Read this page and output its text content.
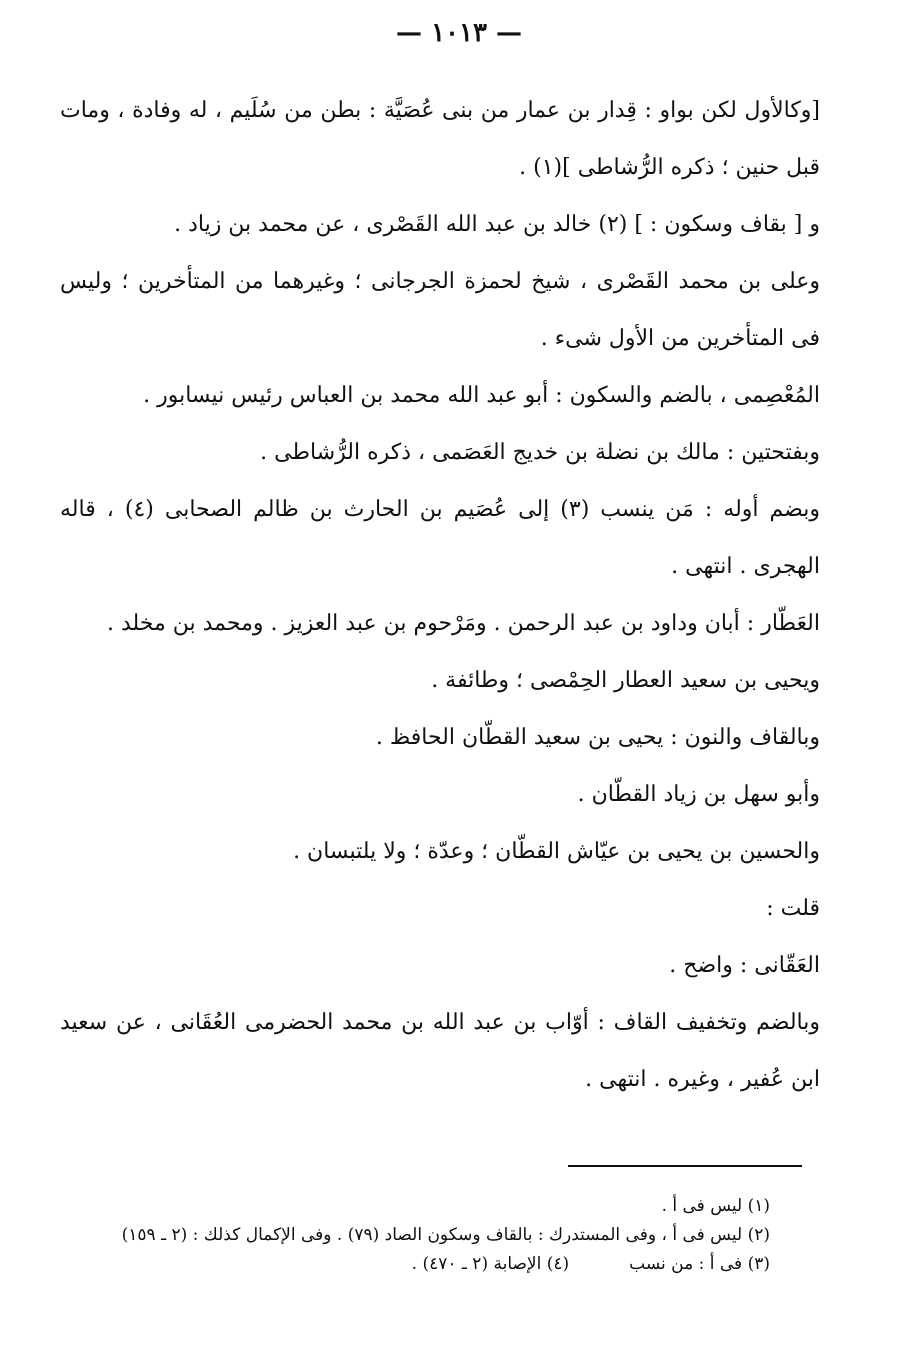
— ١٠١٣ —

[وكالأول لكن بواو : قِدار بن عمار من بنى عُصَيَّة : بطن من سُلَيم ، له وفادة ، ومات قبل حنين ؛ ذكره الرُّشاطى ](١) .

و [ بقاف وسكون : ] (٢) خالد بن عبد الله القَصْرى ، عن محمد بن زياد .

وعلى بن محمد القَصْرى ، شيخ لحمزة الجرجانى ؛ وغيرهما من المتأخرين ؛ وليس فى المتأخرين من الأول شىء .

المُعْصِمى ، بالضم والسكون : أبو عبد الله محمد بن العباس رئيس نيسابور .

وبفتحتين : مالك بن نضلة بن خديج العَصَمى ، ذكره الرُّشاطى .

وبضم أوله : مَن ينسب (٣) إلى عُصَيم بن الحارث بن ظالم الصحابى (٤) ، قاله الهجرى . انتهى .

العَطّار : أبان وداود بن عبد الرحمن . ومَرْحوم بن عبد العزيز . ومحمد بن مخلد .

ويحيى بن سعيد العطار الحِمْصى ؛ وطائفة .

وبالقاف والنون : يحيى بن سعيد القطّان الحافظ .

وأبو سهل بن زياد القطّان .

والحسين بن يحيى بن عيّاش القطّان ؛ وعدّة ؛ ولا يلتبسان .

قلت :

العَقّانى : واضح .

وبالضم وتخفيف القاف : أوّاب بن عبد الله بن محمد الحضرمى العُقَانى ، عن سعيد ابن عُفير ، وغيره . انتهى .

(١) ليس فى أ .

(٢) ليس فى أ ، وفى المستدرك : بالقاف وسكون الصاد (٧٩) . وفى الإكمال كذلك : (٢ ـ ١٥٩)

(٣) فى أ : من نسب

(٤) الإصابة (٢ ـ ٤٧٠) .
